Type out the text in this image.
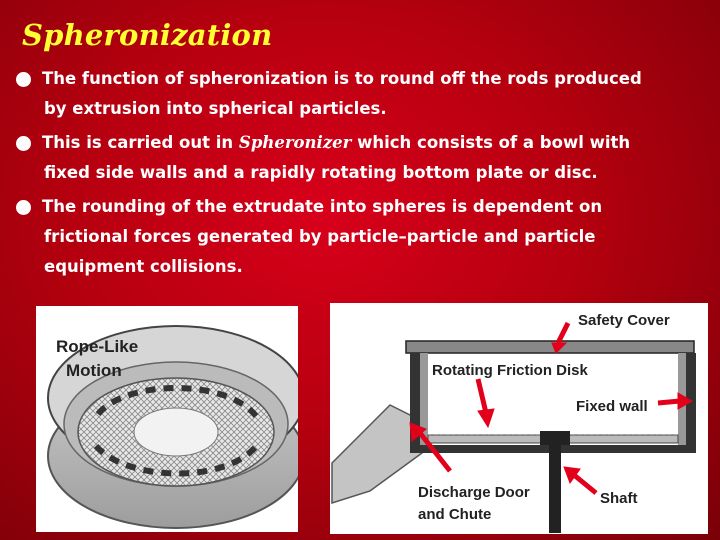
Spheronization
The function of spheronization is to round off the rods produced
by extrusion into spherical particles.
This is carried out in Spheronizer which consists of a bowl with
fixed side walls and a rapidly rotating bottom plate or disc.
The rounding of the extrudate into spheres is dependent on
frictional forces generated by particle–particle and particle
equipment collisions.
Rope-Like
Motion
Safety Cover
Rotating Friction Disk
Fixed wall
Discharge Door
and Chute
Shaft
